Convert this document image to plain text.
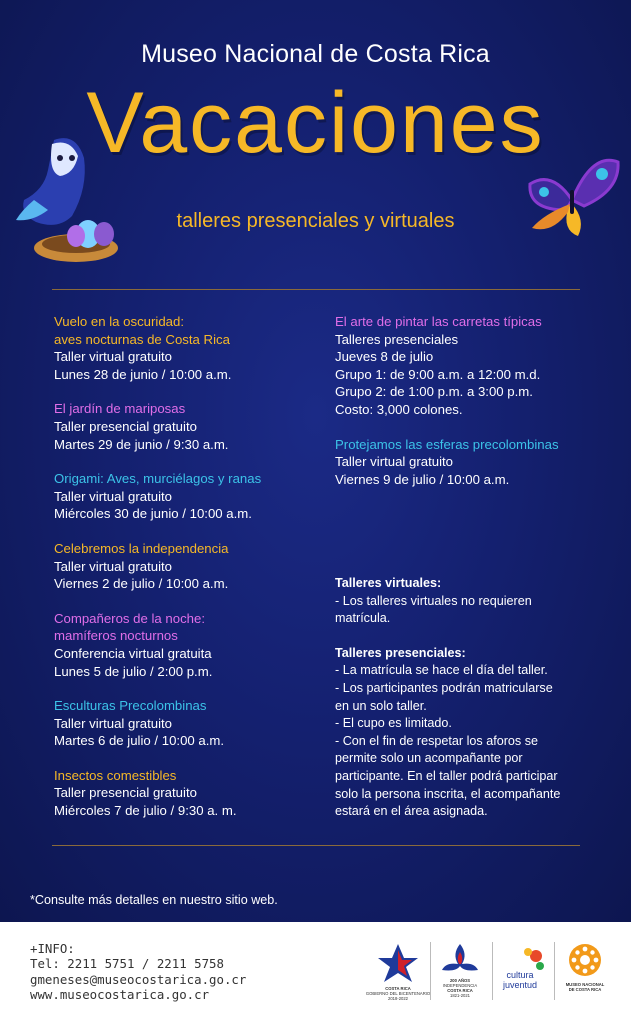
Museo Nacional de Costa Rica
Vacaciones
talleres presenciales y virtuales
Vuelo en la oscuridad:
aves nocturnas de Costa Rica
Taller virtual gratuito
Lunes 28 de junio / 10:00 a.m.
El jardín de mariposas
Taller presencial gratuito
Martes 29 de junio / 9:30 a.m.
Origami: Aves, murciélagos y ranas
Taller virtual gratuito
Miércoles 30 de junio / 10:00 a.m.
Celebremos la independencia
Taller virtual gratuito
Viernes 2 de julio / 10:00 a.m.
Compañeros de la noche:
mamíferos nocturnos
Conferencia virtual gratuita
Lunes 5 de julio / 2:00 p.m.
Esculturas Precolombinas
Taller virtual gratuito
Martes 6 de julio / 10:00 a.m.
Insectos comestibles
Taller presencial gratuito
Miércoles 7 de julio / 9:30 a. m.
El arte de pintar las carretas típicas
Talleres presenciales
Jueves 8 de julio
Grupo 1: de 9:00 a.m. a 12:00 m.d.
Grupo 2: de 1:00 p.m. a 3:00 p.m.
Costo: 3,000 colones.
Protejamos las esferas precolombinas
Taller virtual gratuito
Viernes 9 de julio / 10:00 a.m.
Talleres virtuales:
- Los talleres virtuales no requieren
matrícula.
Talleres presenciales:
- La matrícula se hace el día del taller.
- Los participantes podrán matricularse
en un solo taller.
- El cupo es limitado.
- Con el fin de respetar los aforos se
permite solo un acompañante por
participante. En el taller podrá participar
solo la persona inscrita, el acompañante
estará en el área asignada.
*Consulte más detalles en nuestro sitio web.
+INFO:
Tel: 2211 5751 / 2211 5758
gmeneses@museocostarica.go.cr
www.museocostarica.go.cr	COSTA RICA
GOBIERNO DEL BICENTENARIO
2018-2022
200 AÑOS
INDEPENDENCIA
COSTA RICA
1821-2021
cultura
juventud	MUSEO NACIONAL
DE COSTA RICA
